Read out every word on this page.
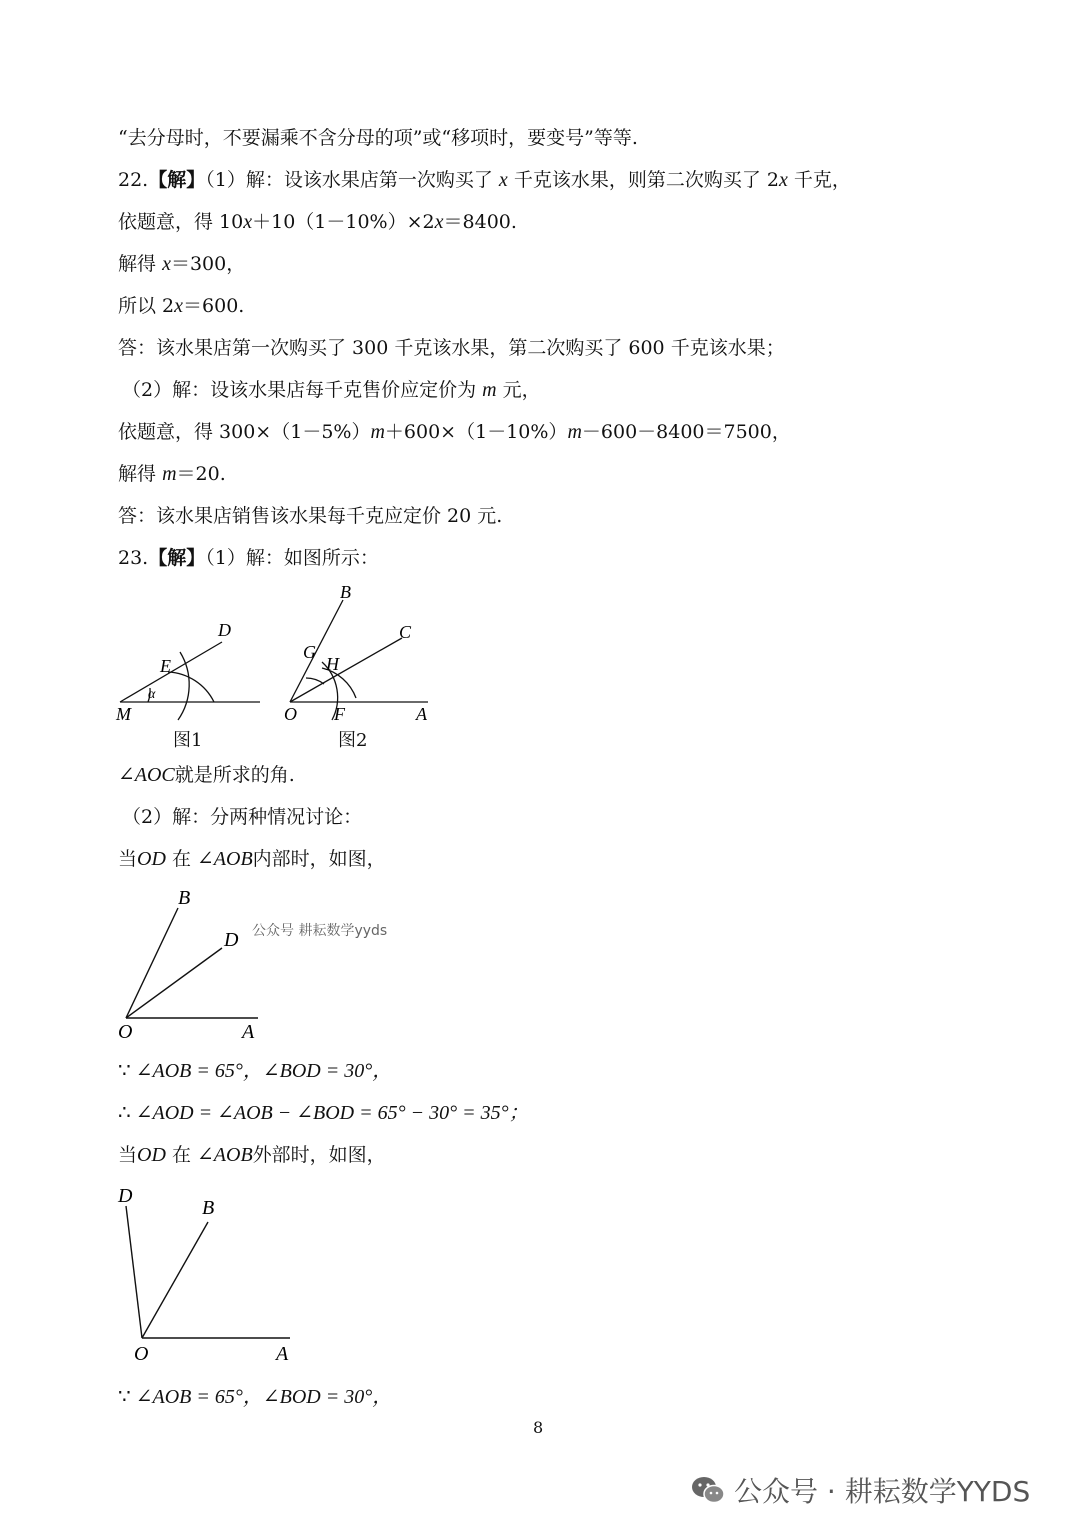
“去分母时，不要漏乘不含分母的项”或“移项时，要变号”等等.
22.【解】（1）解：设该水果店第一次购买了 x 千克该水果，则第二次购买了 2x 千克，
依题意，得 10x＋10（1－10%）×2x＝8400.
解得 x＝300，
所以 2x＝600.
答：该水果店第一次购买了 300 千克该水果，第二次购买了 600 千克该水果；
（2）解：设该水果店每千克售价应定价为 m 元，
依题意，得 300×（1－5%）m＋600×（1－10%）m－600－8400＝7500，
解得 m＝20.
答：该水果店销售该水果每千克应定价 20 元.
23.【解】（1）解：如图所示：
D
E
α
M
B
C
G
H
O F	A
图1	图2
∠AOC就是所求的角.
（2）解：分两种情况讨论：
当OD 在 ∠AOB内部时，如图，
B
D
O	A
公众号 耕耘数学yyds
∵ ∠AOB = 65°，∠BOD = 30°，
∴ ∠AOD = ∠AOB − ∠BOD = 65° − 30° = 35°；
当OD 在 ∠AOB外部时，如图，
D
B
O	A
∵ ∠AOB = 65°，∠BOD = 30°，
8
公众号 · 耕耘数学YYDS
